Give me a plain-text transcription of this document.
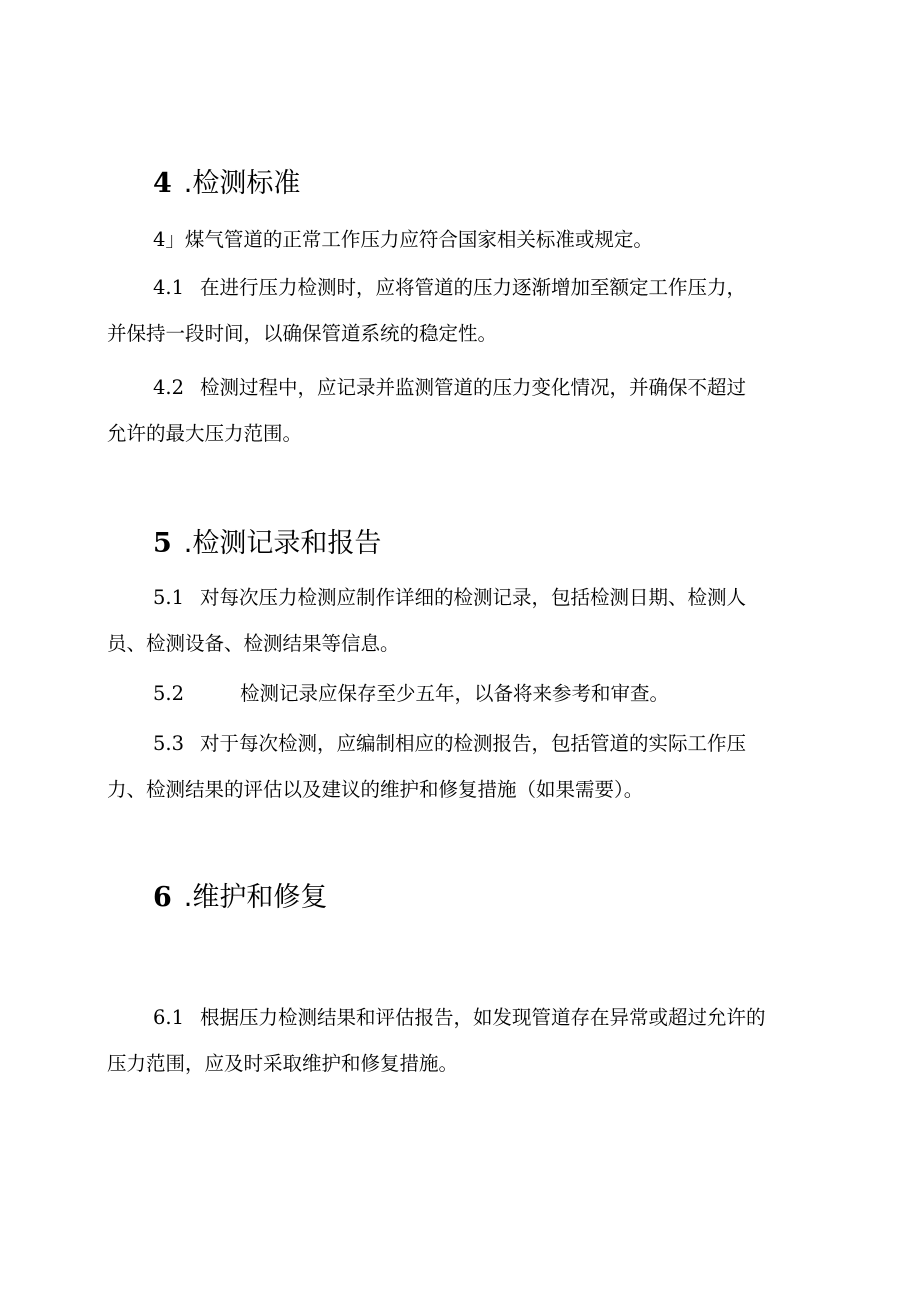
4 .检测标准

4」煤气管道的正常工作压力应符合国家相关标准或规定。

4.1 在进行压力检测时，应将管道的压力逐渐增加至额定工作压力，
并保持一段时间，以确保管道系统的稳定性。

4.2 检测过程中，应记录并监测管道的压力变化情况，并确保不超过
允许的最大压力范围。

5 .检测记录和报告

5.1 对每次压力检测应制作详细的检测记录，包括检测日期、检测人
员、检测设备、检测结果等信息。

5.2	检测记录应保存至少五年，以备将来参考和审查。

5.3 对于每次检测，应编制相应的检测报告，包括管道的实际工作压
力、检测结果的评估以及建议的维护和修复措施（如果需要）。

6 .维护和修复

6.1 根据压力检测结果和评估报告，如发现管道存在异常或超过允许的
压力范围，应及时采取维护和修复措施。
